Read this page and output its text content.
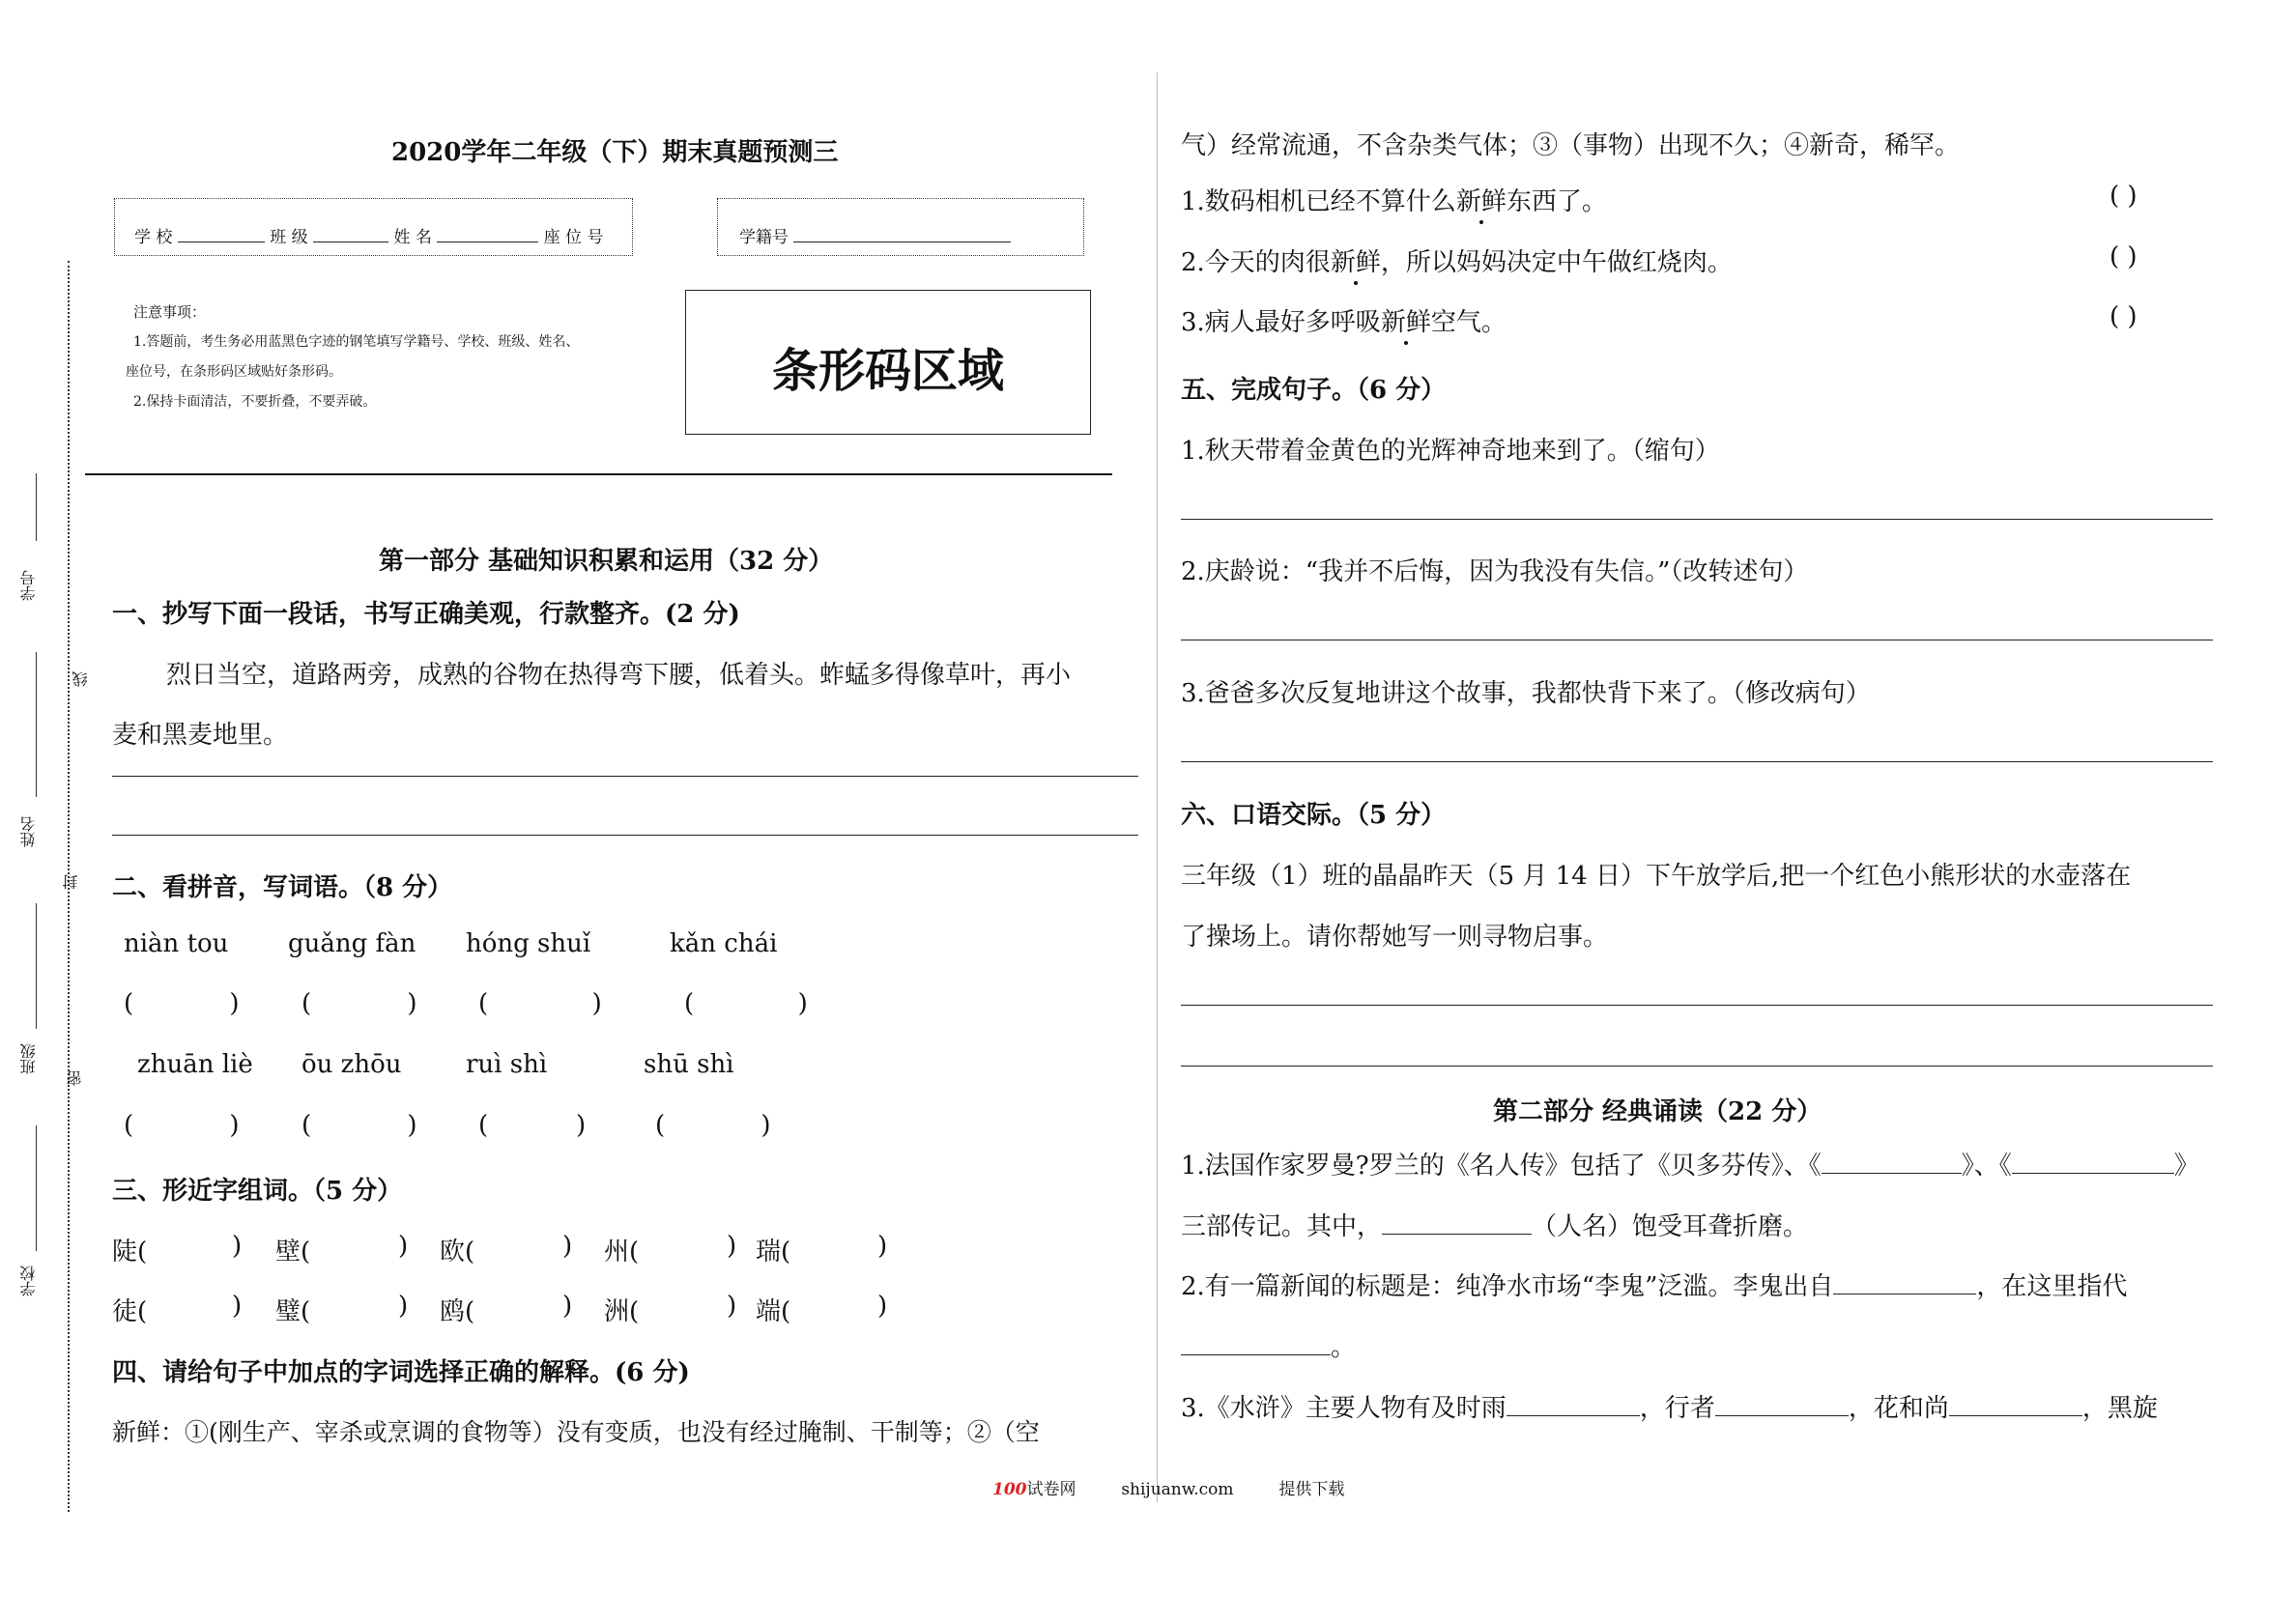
学号
姓名
班级
学校
线
封
密
2020学年二年级（下）期末真题预测三
学 校	班 级	姓 名	座 位 号	学籍号
注意事项：
1.答题前，考生务必用蓝黑色字迹的钢笔填写学籍号、学校、班级、姓名、
座位号，在条形码区域贴好条形码。
2.保持卡面清洁，不要折叠，不要弄破。
条形码区域
第一部分 基础知识积累和运用（32 分）
一、抄写下面一段话，书写正确美观，行款整齐。(2 分)
烈日当空，道路两旁，成熟的谷物在热得弯下腰，低着头。蚱蜢多得像草叶，再小
麦和黑麦地里。
二、看拼音，写词语。（8 分）
niàn tou guǎng fàn hóng shuǐ	kǎn chái
(            ) (            ) (             )	(             )
zhuān liè ōu zhōu	ruì shì	shū shì
(            ) (            ) (           )	(            )
三、形近字组词。（5 分）
陡(	) 壁(	) 欧(	) 州(	) 瑞(	)
徒(	) 璧(	) 鸥(	) 洲(	) 端(	)
四、请给句子中加点的字词选择正确的解释。(6 分)
新鲜：①(刚生产、宰杀或烹调的食物等）没有变质，也没有经过腌制、干制等；②（空
气）经常流通，不含杂类气体；③（事物）出现不久；④新奇，稀罕。
1.数码相机已经不算什么新鲜东西了。	( )
2.今天的肉很新鲜，所以妈妈决定中午做红烧肉。	( )
3.病人最好多呼吸新鲜空气。	( )
五、完成句子。（6 分）
1.秋天带着金黄色的光辉神奇地来到了。（缩句）
2.庆龄说：“我并不后悔，因为我没有失信。”（改转述句）
3.爸爸多次反复地讲这个故事，我都快背下来了。（修改病句）
六、口语交际。（5 分）
三年级（1）班的晶晶昨天（5 月 14 日）下午放学后,把一个红色小熊形状的水壶落在
了操场上。请你帮她写一则寻物启事。
第二部分 经典诵读（22 分）
1.法国作家罗曼?罗兰的《名人传》包括了《贝多芬传》、《	》、《	》
三部传记。其中，	（人名）饱受耳聋折磨。
2.有一篇新闻的标题是：纯净水市场“李鬼”泛滥。李鬼出自	，在这里指代
。
3.《水浒》主要人物有及时雨	，行者	，花和尚	，黑旋
100试卷网	shijuanw.com	提供下载
